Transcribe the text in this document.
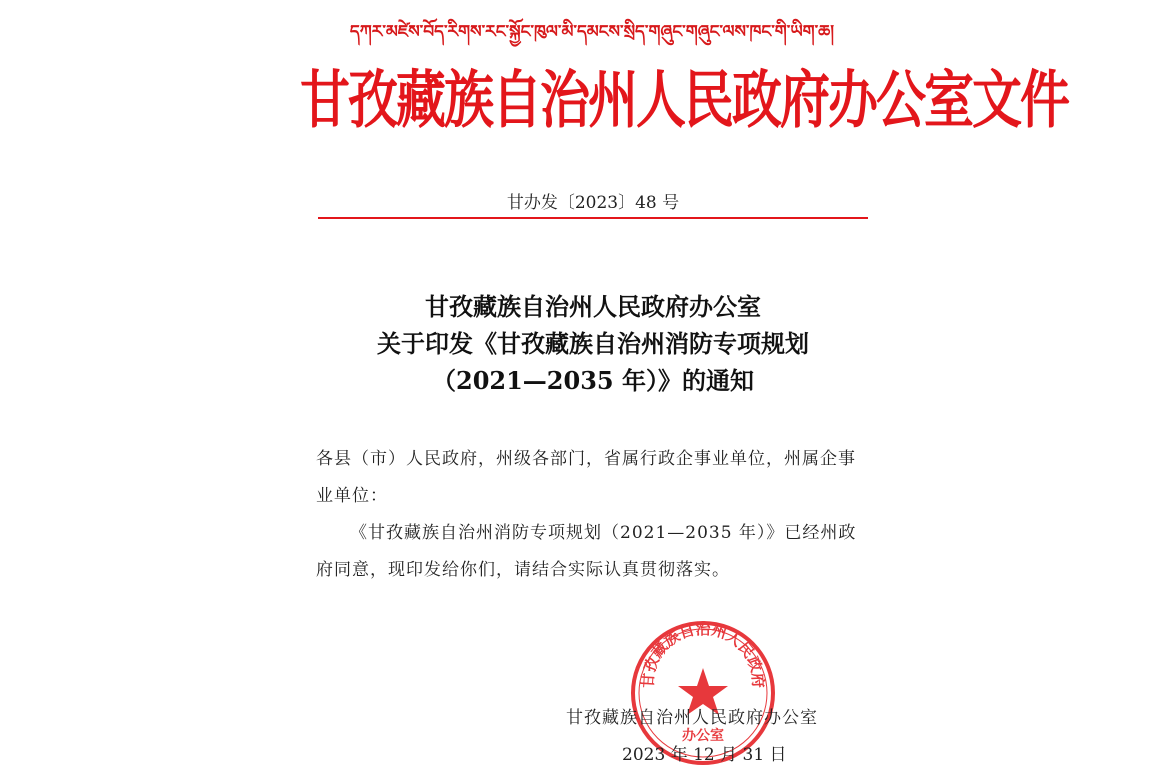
དཀར་མཛེས་བོད་རིགས་རང་སྐྱོང་ཁུལ་མི་དམངས་སྲིད་གཞུང་གཞུང་ལས་ཁང་གི་ཡིག་ཆ།
甘孜藏族自治州人民政府办公室文件
甘办发〔2023〕48 号
甘孜藏族自治州人民政府办公室
关于印发《甘孜藏族自治州消防专项规划
（2021—2035 年）》的通知

各县（市）人民政府，州级各部门，省属行政企事业单位，州属企事业单位：

《甘孜藏族自治州消防专项规划（2021—2035 年）》已经州政府同意，现印发给你们，请结合实际认真贯彻落实。

甘孜藏族自治州人民政府
办公室
甘孜藏族自治州人民政府办公室
2023 年 12 月 31 日
